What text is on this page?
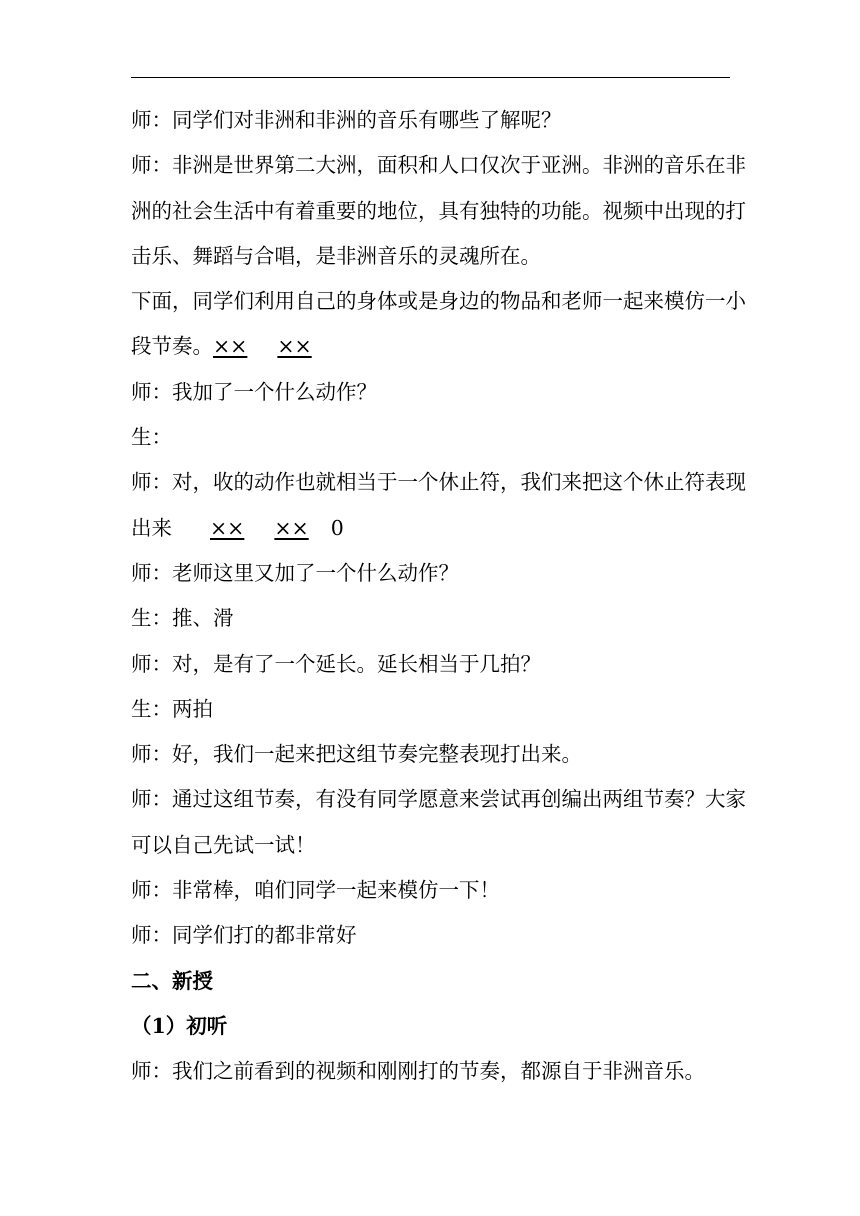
师：同学们对非洲和非洲的音乐有哪些了解呢？
师：非洲是世界第二大洲，面积和人口仅次于亚洲。非洲的音乐在非
洲的社会生活中有着重要的地位，具有独特的功能。视频中出现的打
击乐、舞蹈与合唱，是非洲音乐的灵魂所在。
下面，同学们利用自己的身体或是身边的物品和老师一起来模仿一小
段节奏。×× ××
师：我加了一个什么动作？
生：
师：对，收的动作也就相当于一个休止符，我们来把这个休止符表现
出来 ×× ×× 0
师：老师这里又加了一个什么动作？
生：推、滑
师：对，是有了一个延长。延长相当于几拍？
生：两拍
师：好，我们一起来把这组节奏完整表现打出来。
师：通过这组节奏，有没有同学愿意来尝试再创编出两组节奏？大家
可以自己先试一试！
师：非常棒，咱们同学一起来模仿一下！
师：同学们打的都非常好
二、新授
（1）初听
师：我们之前看到的视频和刚刚打的节奏，都源自于非洲音乐。
